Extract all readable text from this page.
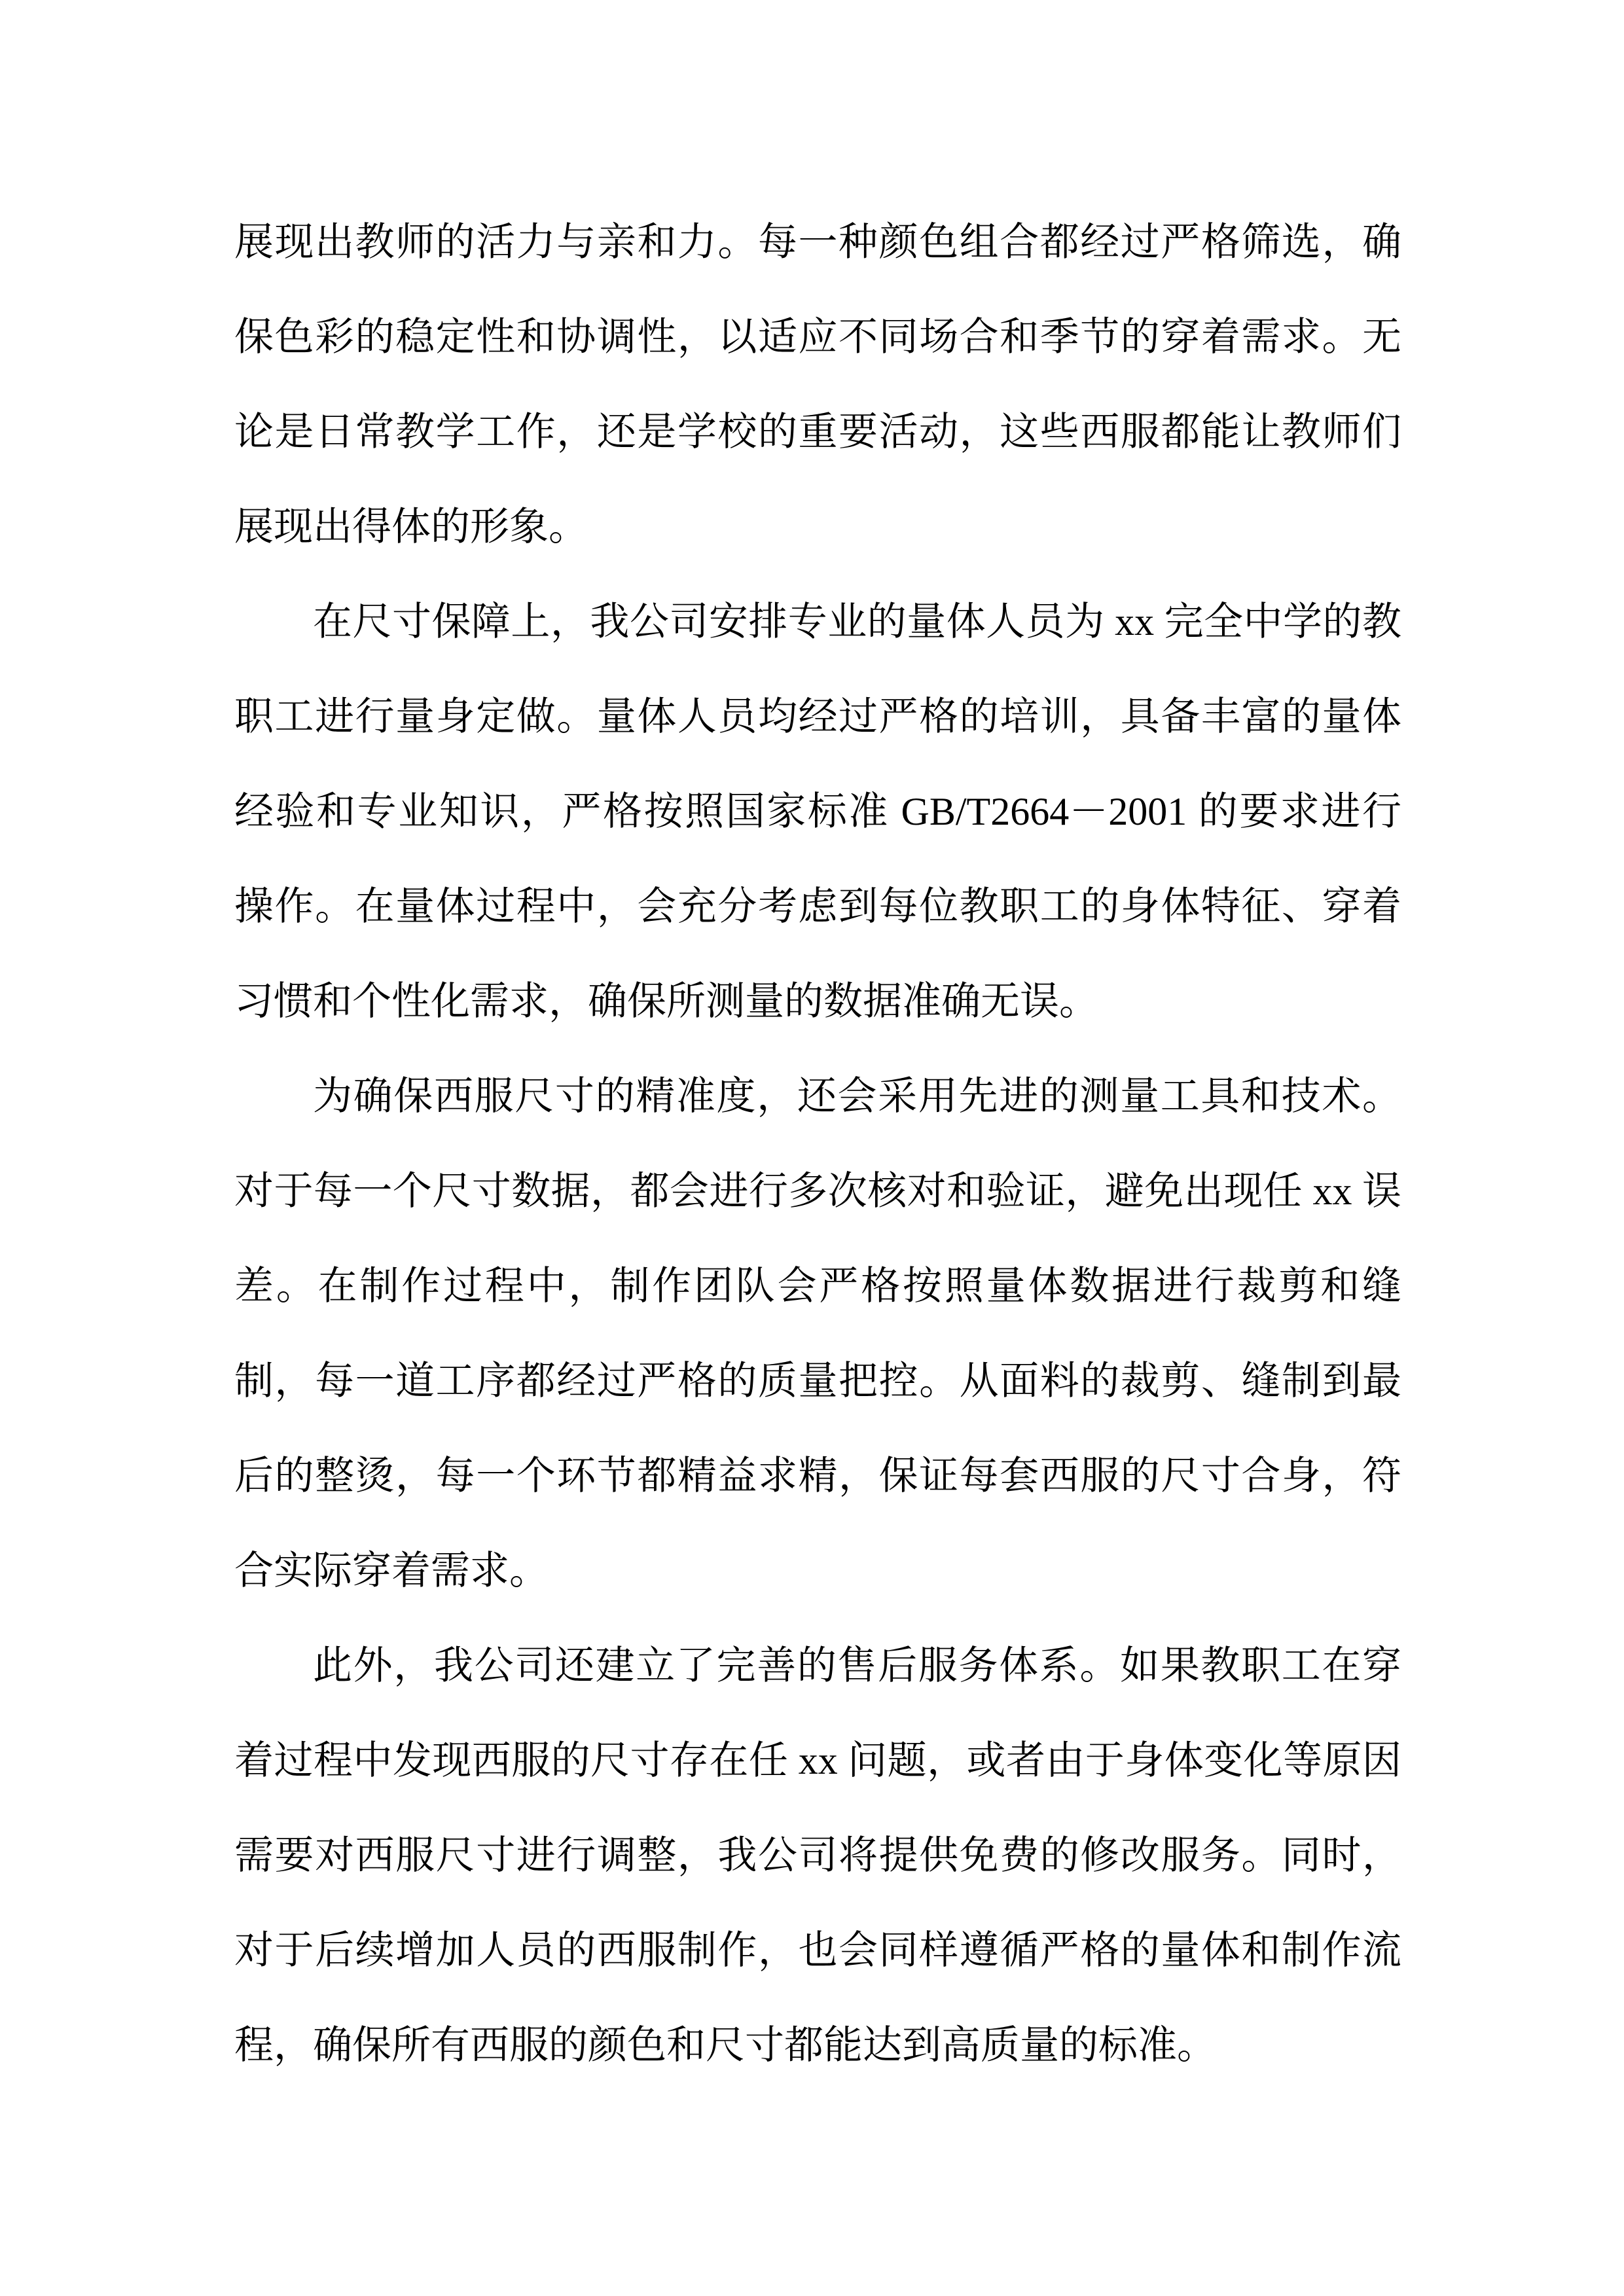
展现出教师的活力与亲和力。每一种颜色组合都经过严格筛选，确保色彩的稳定性和协调性，以适应不同场合和季节的穿着需求。无论是日常教学工作，还是学校的重要活动，这些西服都能让教师们展现出得体的形象。

在尺寸保障上，我公司安排专业的量体人员为 xx 完全中学的教职工进行量身定做。量体人员均经过严格的培训，具备丰富的量体经验和专业知识，严格按照国家标准 GB/T2664－2001 的要求进行操作。在量体过程中，会充分考虑到每位教职工的身体特征、穿着习惯和个性化需求，确保所测量的数据准确无误。

为确保西服尺寸的精准度，还会采用先进的测量工具和技术。对于每一个尺寸数据，都会进行多次核对和验证，避免出现任 xx 误差。在制作过程中，制作团队会严格按照量体数据进行裁剪和缝制，每一道工序都经过严格的质量把控。从面料的裁剪、缝制到最后的整烫，每一个环节都精益求精，保证每套西服的尺寸合身，符合实际穿着需求。

此外，我公司还建立了完善的售后服务体系。如果教职工在穿着过程中发现西服的尺寸存在任 xx 问题，或者由于身体变化等原因需要对西服尺寸进行调整，我公司将提供免费的修改服务。同时，对于后续增加人员的西服制作，也会同样遵循严格的量体和制作流程，确保所有西服的颜色和尺寸都能达到高质量的标准。
